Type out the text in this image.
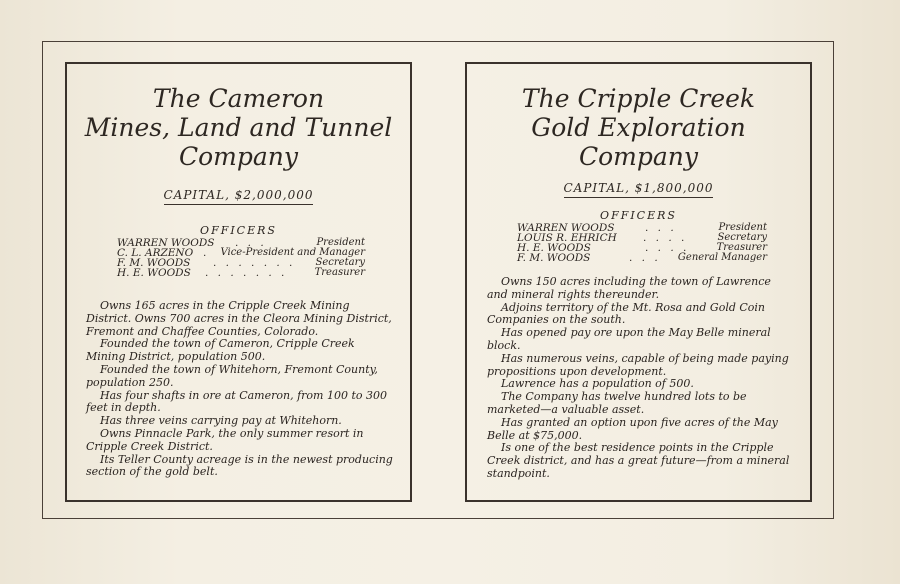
The Cameron
Mines, Land and Tunnel
Company
CAPITAL, $2,000,000
OFFICERS
WARREN WOODS . . .	President
C. L. ARZENO . Vice-President and Manager
F. M. WOODS . . . . . . . Secretary
H. E. WOODS . . . . . . .	Treasurer

Owns 165 acres in the Cripple Creek Mining District. Owns 700 acres in the Cleora Mining District, Fremont and Chaffee Counties, Colorado.

Founded the town of Cameron, Cripple Creek Mining District, population 500.

Founded the town of Whitehorn, Fremont County, population 250.

Has four shafts in ore at Cameron, from 100 to 300 feet in depth.

Has three veins carrying pay at Whitehorn.

Owns Pinnacle Park, the only summer resort in Cripple Creek District.

Its Teller County acreage is in the newest producing section of the gold belt.

The Cripple Creek
Gold Exploration
Company
CAPITAL, $1,800,000
OFFICERS
WARREN WOODS	. . .	President
LOUIS R. EHRICH . . . .	Secretary
H. E. WOODS	. . . .	Treasurer
F. M. WOODS	. . . General Manager

Owns 150 acres including the town of Lawrence and mineral rights thereunder.

Adjoins territory of the Mt. Rosa and Gold Coin Companies on the south.

Has opened pay ore upon the May Belle mineral block.

Has numerous veins, capable of being made paying propositions upon development.

Lawrence has a population of 500.

The Company has twelve hundred lots to be marketed—a valuable asset.

Has granted an option upon five acres of the May Belle at $75,000.

Is one of the best residence points in the Cripple Creek district, and has a great future—from a mineral standpoint.
